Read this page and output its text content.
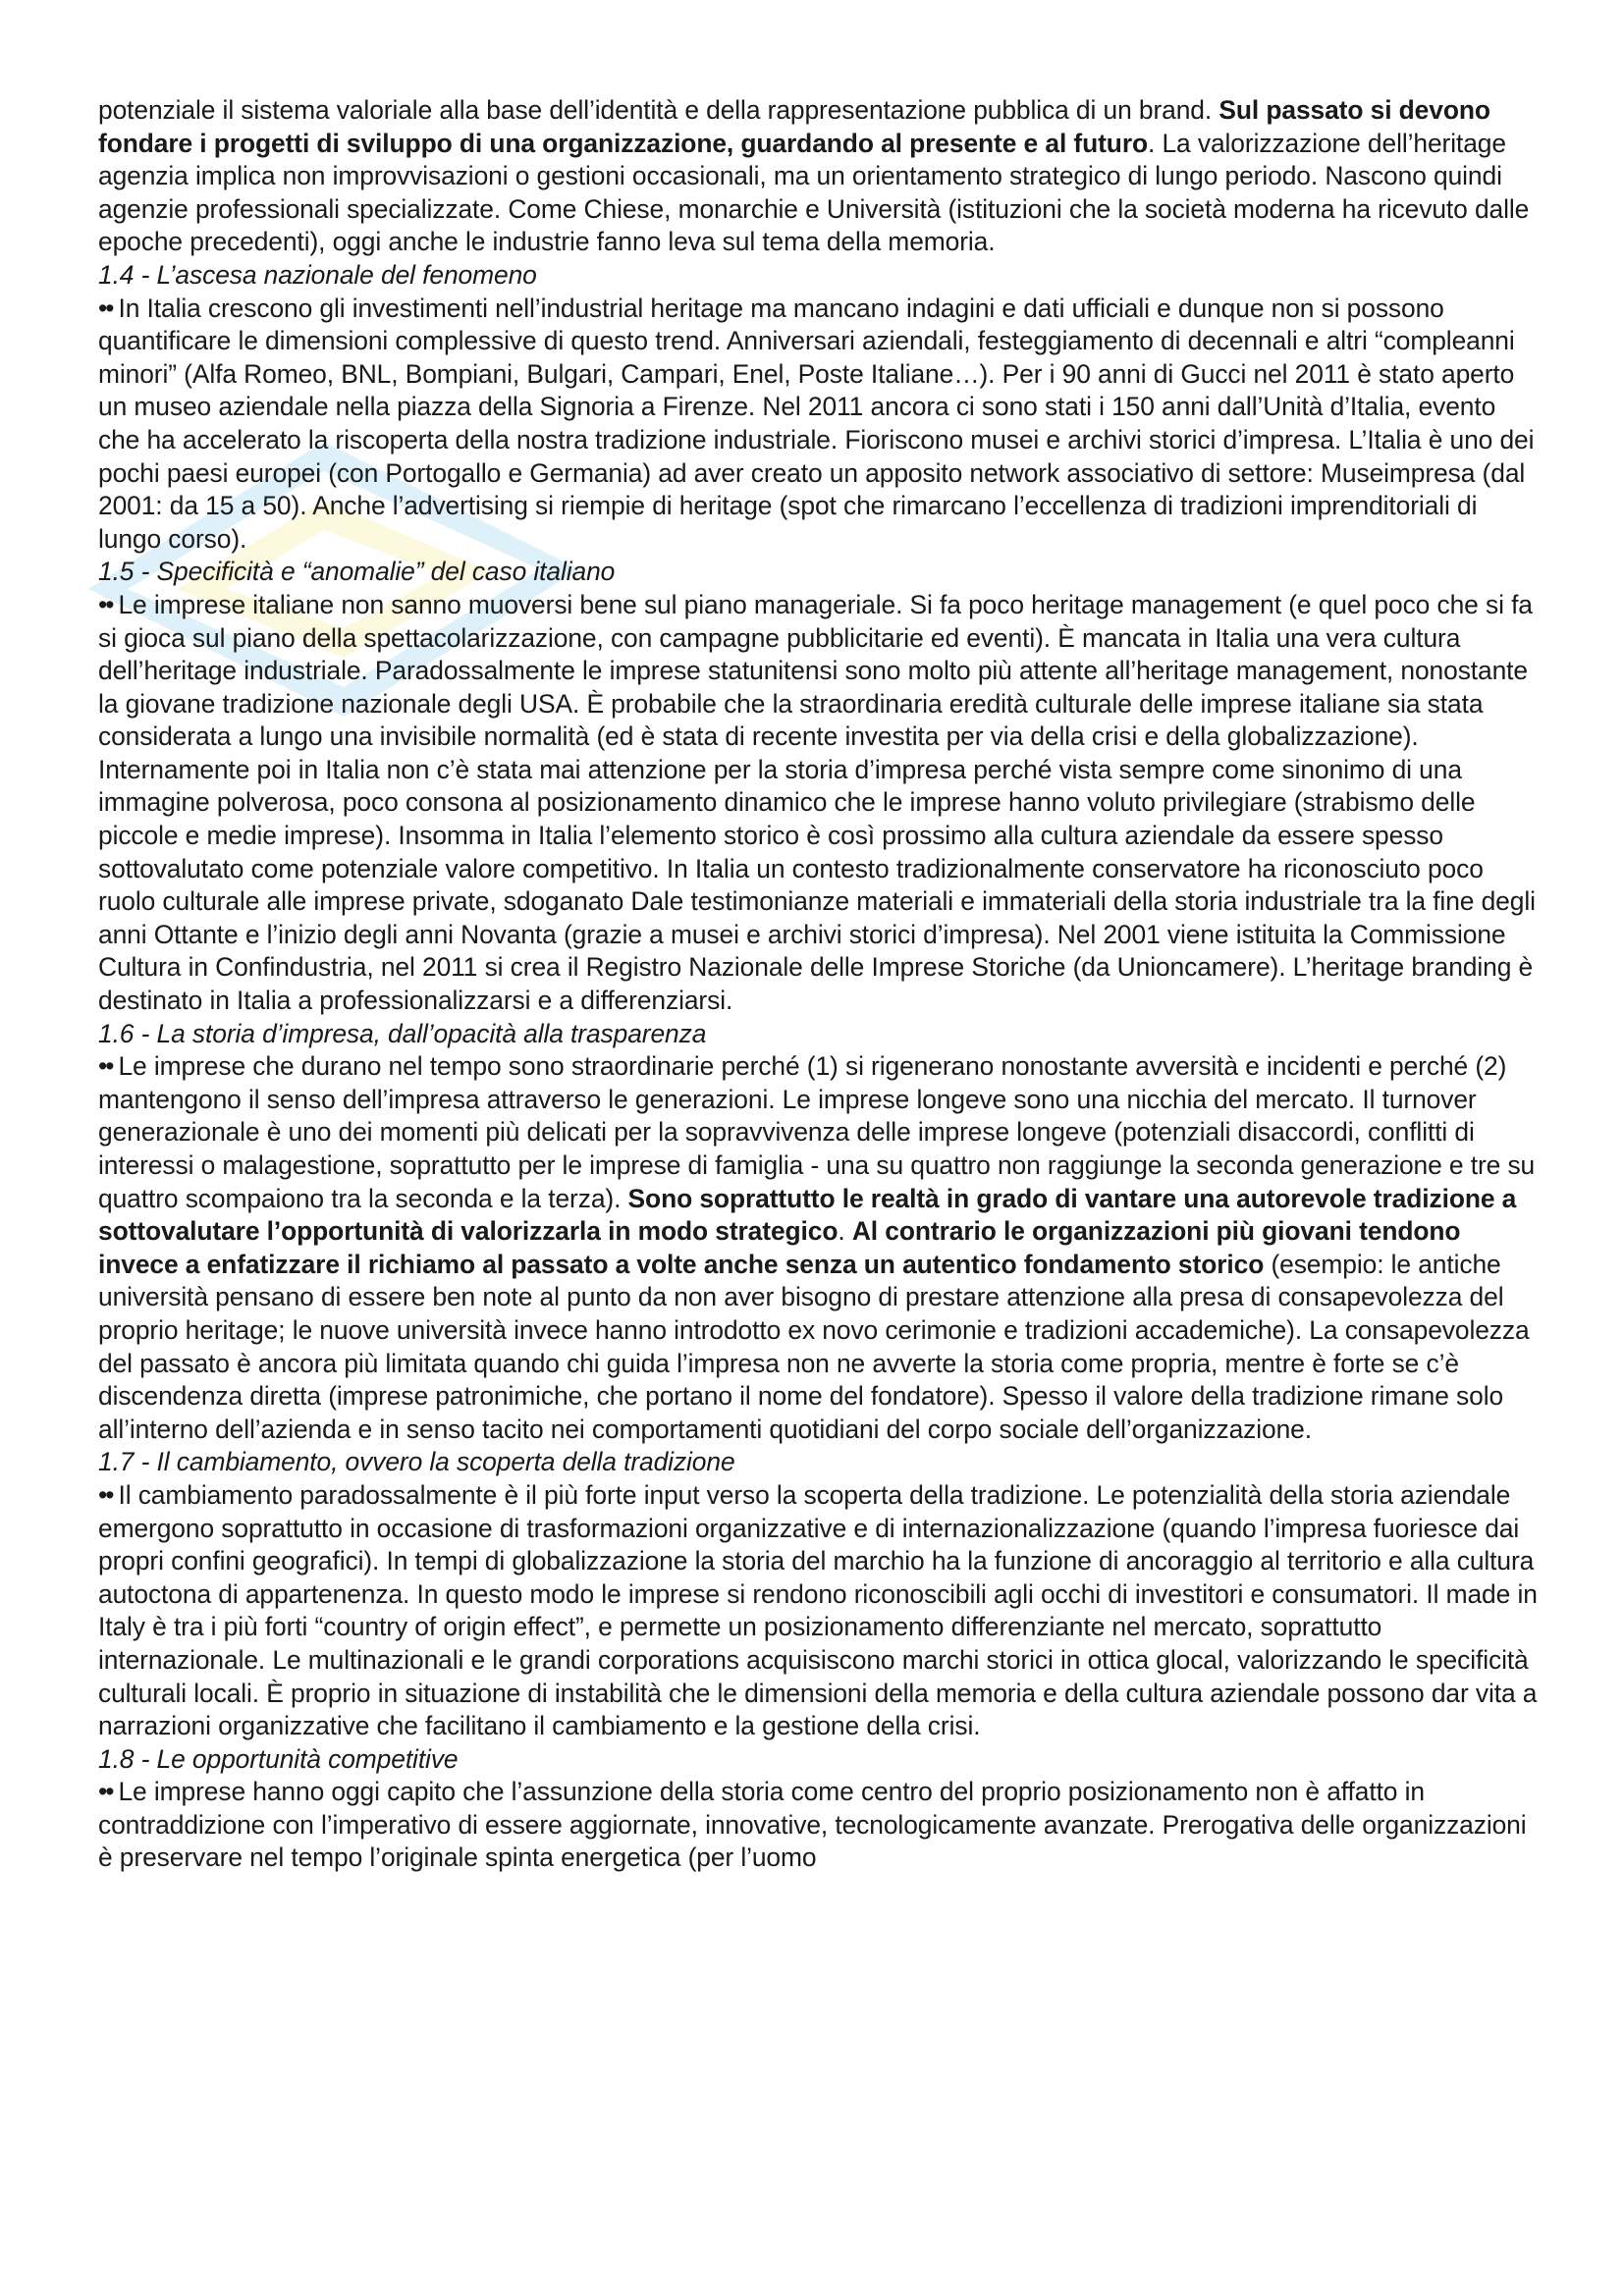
potenziale il sistema valoriale alla base dell’identità e della rappresentazione pubblica di un brand. Sul passato si devono fondare i progetti di sviluppo di una organizzazione, guardando al presente e al futuro. La valorizzazione dell’heritage agenzia implica non improvvisazioni o gestioni occasionali, ma un orientamento strategico di lungo periodo. Nascono quindi agenzie professionali specializzate. Come Chiese, monarchie e Università (istituzioni che la società moderna ha ricevuto dalle epoche precedenti), oggi anche le industrie fanno leva sul tema della memoria.

1.4 - L’ascesa nazionale del fenomeno

•• In Italia crescono gli investimenti nell’industrial heritage ma mancano indagini e dati ufficiali e dunque non si possono quantificare le dimensioni complessive di questo trend. Anniversari aziendali, festeggiamento di decennali e altri “compleanni minori” (Alfa Romeo, BNL, Bompiani, Bulgari, Campari, Enel, Poste Italiane…). Per i 90 anni di Gucci nel 2011 è stato aperto un museo aziendale nella piazza della Signoria a Firenze. Nel 2011 ancora ci sono stati i 150 anni dall’Unità d’Italia, evento che ha accelerato la riscoperta della nostra tradizione industriale. Fioriscono musei e archivi storici d’impresa. L’Italia è uno dei pochi paesi europei (con Portogallo e Germania) ad aver creato un apposito network associativo di settore: Museimpresa (dal 2001: da 15 a 50). Anche l’advertising si riempie di heritage (spot che rimarcano l’eccellenza di tradizioni imprenditoriali di lungo corso).

1.5 - Specificità e “anomalie” del caso italiano

•• Le imprese italiane non sanno muoversi bene sul piano manageriale. Si fa poco heritage management (e quel poco che si fa si gioca sul piano della spettacolarizzazione, con campagne pubblicitarie ed eventi). È mancata in Italia una vera cultura dell’heritage industriale. Paradossalmente le imprese statunitensi sono molto più attente all’heritage management, nonostante la giovane tradizione nazionale degli USA. È probabile che la straordinaria eredità culturale delle imprese italiane sia stata considerata a lungo una invisibile normalità (ed è stata di recente investita per via della crisi e della globalizzazione). Internamente poi in Italia non c’è stata mai attenzione per la storia d’impresa perché vista sempre come sinonimo di una immagine polverosa, poco consona al posizionamento dinamico che le imprese hanno voluto privilegiare (strabismo delle piccole e medie imprese). Insomma in Italia l’elemento storico è così prossimo alla cultura aziendale da essere spesso sottovalutato come potenziale valore competitivo. In Italia un contesto tradizionalmente conservatore ha riconosciuto poco ruolo culturale alle imprese private, sdoganato Dale testimonianze materiali e immateriali della storia industriale tra la fine degli anni Ottante e l’inizio degli anni Novanta (grazie a musei e archivi storici d’impresa). Nel 2001 viene istituita la Commissione Cultura in Confindustria, nel 2011 si crea il Registro Nazionale delle Imprese Storiche (da Unioncamere). L’heritage branding è destinato in Italia a professionalizzarsi e a differenziarsi.

1.6 - La storia d’impresa, dall’opacità alla trasparenza

•• Le imprese che durano nel tempo sono straordinarie perché (1) si rigenerano nonostante avversità e incidenti e perché (2) mantengono il senso dell’impresa attraverso le generazioni. Le imprese longeve sono una nicchia del mercato. Il turnover generazionale è uno dei momenti più delicati per la sopravvivenza delle imprese longeve (potenziali disaccordi, conflitti di interessi o malagestione, soprattutto per le imprese di famiglia - una su quattro non raggiunge la seconda generazione e tre su quattro scompaiono tra la seconda e la terza). Sono soprattutto le realtà in grado di vantare una autorevole tradizione a sottovalutare l’opportunità di valorizzarla in modo strategico. Al contrario le organizzazioni più giovani tendono invece a enfatizzare il richiamo al passato a volte anche senza un autentico fondamento storico (esempio: le antiche università pensano di essere ben note al punto da non aver bisogno di prestare attenzione alla presa di consapevolezza del proprio heritage; le nuove università invece hanno introdotto ex novo cerimonie e tradizioni accademiche). La consapevolezza del passato è ancora più limitata quando chi guida l’impresa non ne avverte la storia come propria, mentre è forte se c’è discendenza diretta (imprese patronimiche, che portano il nome del fondatore). Spesso il valore della tradizione rimane solo all’interno dell’azienda e in senso tacito nei comportamenti quotidiani del corpo sociale dell’organizzazione.

1.7 - Il cambiamento, ovvero la scoperta della tradizione

•• Il cambiamento paradossalmente è il più forte input verso la scoperta della tradizione. Le potenzialità della storia aziendale emergono soprattutto in occasione di trasformazioni organizzative e di internazionalizzazione (quando l’impresa fuoriesce dai propri confini geografici). In tempi di globalizzazione la storia del marchio ha la funzione di ancoraggio al territorio e alla cultura autoctona di appartenenza. In questo modo le imprese si rendono riconoscibili agli occhi di investitori e consumatori. Il made in Italy è tra i più forti “country of origin effect”, e permette un posizionamento differenziante nel mercato, soprattutto internazionale. Le multinazionali e le grandi corporations acquisiscono marchi storici in ottica glocal, valorizzando le specificità culturali locali. È proprio in situazione di instabilità che le dimensioni della memoria e della cultura aziendale possono dar vita a narrazioni organizzative che facilitano il cambiamento e la gestione della crisi.

1.8 - Le opportunità competitive

•• Le imprese hanno oggi capito che l’assunzione della storia come centro del proprio posizionamento non è affatto in contraddizione con l’imperativo di essere aggiornate, innovative, tecnologicamente avanzate. Prerogativa delle organizzazioni è preservare nel tempo l’originale spinta energetica (per l’uomo
